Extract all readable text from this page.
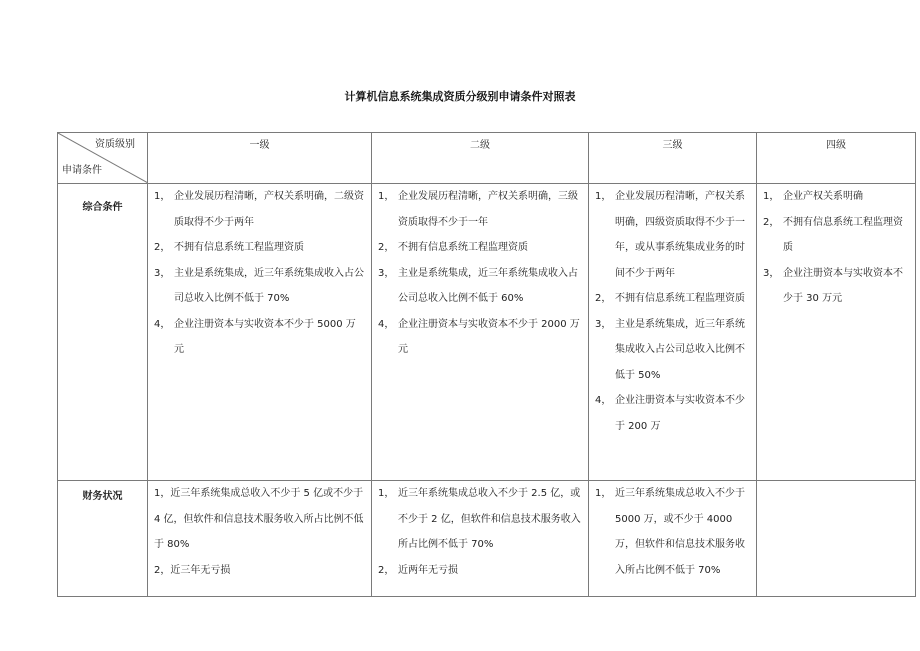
计算机信息系统集成资质分级别申请条件对照表
资质级别
申请条件	一级	二级	三级	四级
综合条件	1， 企业发展历程清晰，产权关系明确，二级资质取得不少于两年
2， 不拥有信息系统工程监理资质
3， 主业是系统集成，近三年系统集成收入占公司总收入比例不低于 70%
4， 企业注册资本与实收资本不少于 5000 万元	1， 企业发展历程清晰，产权关系明确，三级资质取得不少于一年
2， 不拥有信息系统工程监理资质
3， 主业是系统集成，近三年系统集成收入占公司总收入比例不低于 60%
4， 企业注册资本与实收资本不少于 2000 万元	1， 企业发展历程清晰，产权关系明确，四级资质取得不少于一年，或从事系统集成业务的时间不少于两年
2， 不拥有信息系统工程监理资质
3， 主业是系统集成，近三年系统集成收入占公司总收入比例不低于 50%
4， 企业注册资本与实收资本不少于 200 万	1， 企业产权关系明确
2， 不拥有信息系统工程监理资质
3， 企业注册资本与实收资本不少于 30 万元

财务状况	1，近三年系统集成总收入不少于 5 亿或不少于 4 亿，但软件和信息技术服务收入所占比例不低于 80%
2，近三年无亏损	1， 近三年系统集成总收入不少于 2.5 亿，或不少于 2 亿，但软件和信息技术服务收入所占比例不低于 70%
2， 近两年无亏损	1， 近三年系统集成总收入不少于 5000 万，或不少于 4000 万，但软件和信息技术服务收入所占比例不低于 70%	
